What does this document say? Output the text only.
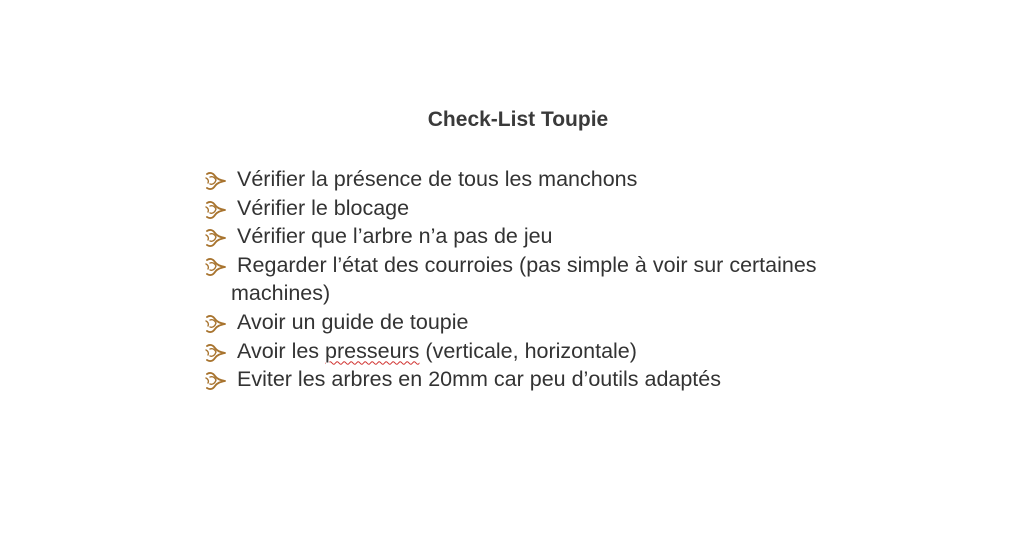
Check-List Toupie
Vérifier la présence de tous les manchons
Vérifier le blocage
Vérifier que l’arbre n’a pas de jeu
Regarder l’état des courroies (pas simple à voir sur certaines
machines)
Avoir un guide de toupie
Avoir les presseurs (verticale, horizontale)
Eviter les arbres en 20mm car peu d’outils adaptés
